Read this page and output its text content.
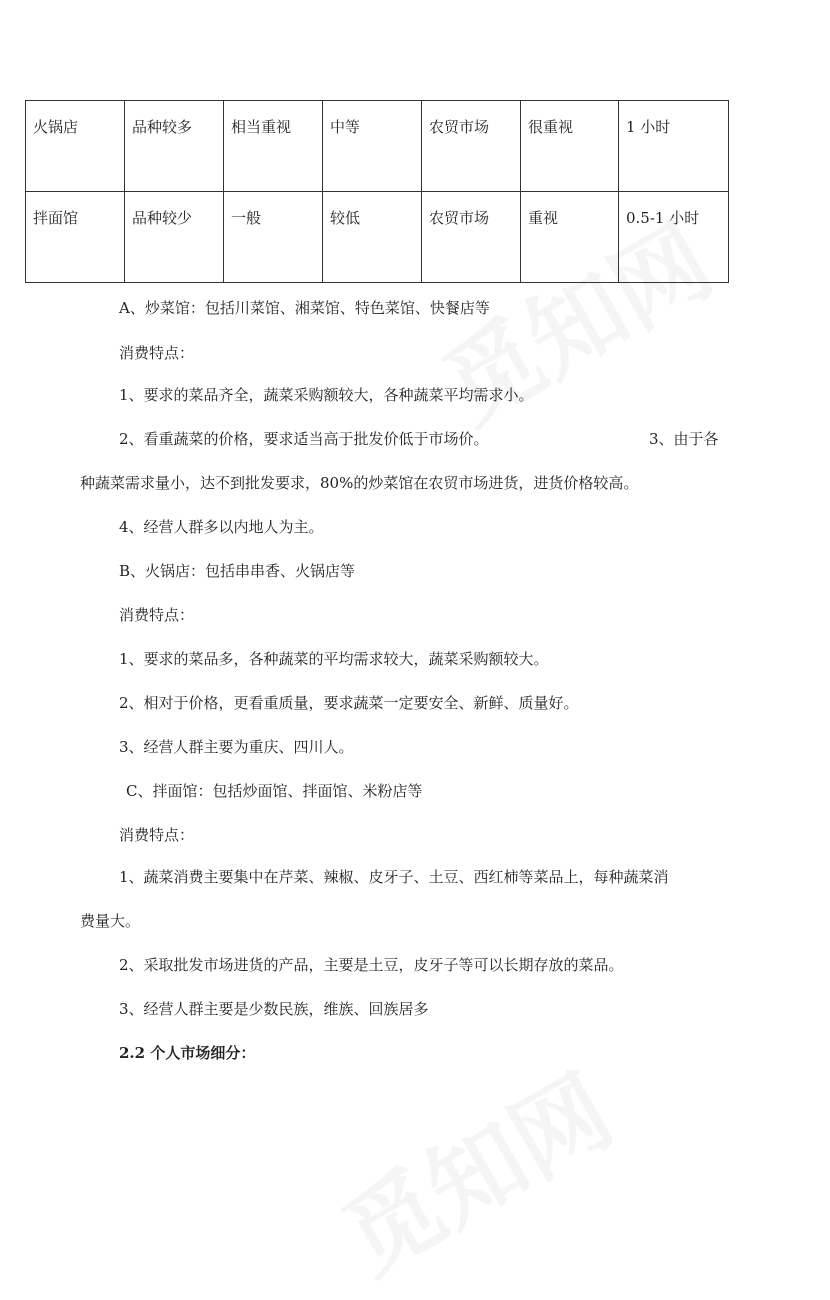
火锅店	品种较多	相当重视	中等	农贸市场	很重视	1 小时
拌面馆	品种较少	一般	较低	农贸市场	重视	0.5-1 小时
A、炒菜馆：包括川菜馆、湘菜馆、特色菜馆、快餐店等
消费特点：
1、要求的菜品齐全，蔬菜采购额较大，各种蔬菜平均需求小。
2、看重蔬菜的价格，要求适当高于批发价低于市场价。	3、由于各
种蔬菜需求量小，达不到批发要求，80%的炒菜馆在农贸市场进货，进货价格较高。
4、经营人群多以内地人为主。
B、火锅店：包括串串香、火锅店等
消费特点：
1、要求的菜品多，各种蔬菜的平均需求较大，蔬菜采购额较大。
2、相对于价格，更看重质量，要求蔬菜一定要安全、新鲜、质量好。
3、经营人群主要为重庆、四川人。
C、拌面馆：包括炒面馆、拌面馆、米粉店等
消费特点：
1、蔬菜消费主要集中在芹菜、辣椒、皮牙子、土豆、西红柿等菜品上，每种蔬菜消
费量大。
2、采取批发市场进货的产品，主要是土豆，皮牙子等可以长期存放的菜品。
3、经营人群主要是少数民族，维族、回族居多
2.2 个人市场细分：
